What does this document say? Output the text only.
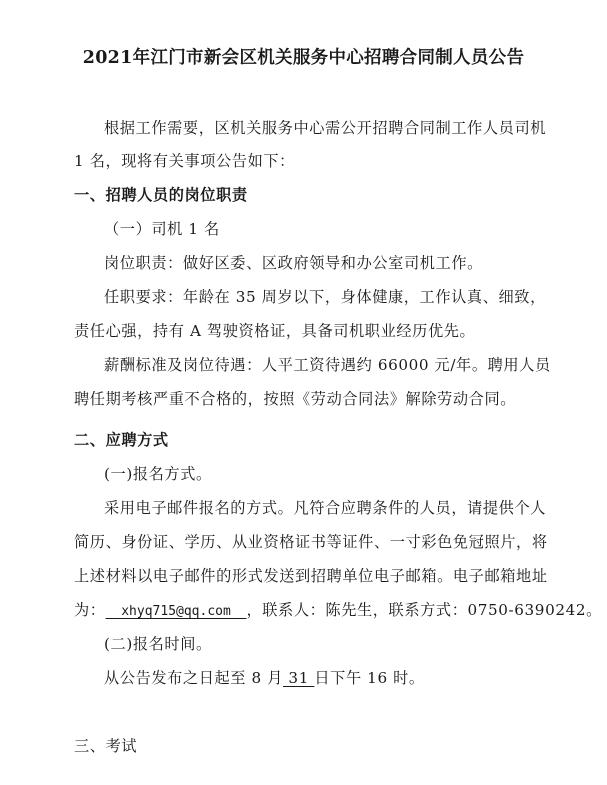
2021年江门市新会区机关服务中心招聘合同制人员公告
根据工作需要，区机关服务中心需公开招聘合同制工作人员司机
1 名，现将有关事项公告如下：
一、招聘人员的岗位职责
（一）司机 1 名
岗位职责：做好区委、区政府领导和办公室司机工作。
任职要求：年龄在 35 周岁以下，身体健康，工作认真、细致，
责任心强，持有 A 驾驶资格证，具备司机职业经历优先。
薪酬标准及岗位待遇：人平工资待遇约 66000 元/年。聘用人员
聘任期考核严重不合格的，按照《劳动合同法》解除劳动合同。
二、应聘方式
(一)报名方式。
采用电子邮件报名的方式。凡符合应聘条件的人员，请提供个人
简历、身份证、学历、从业资格证书等证件、一寸彩色免冠照片，将
上述材料以电子邮件的形式发送到招聘单位电子邮箱。电子邮箱地址
为：  xhyq715@qq.com  ，联系人：陈先生，联系方式：0750-6390242。
(二)报名时间。
从公告发布之日起至 8 月 31 日下午 16 时。
三、考试
